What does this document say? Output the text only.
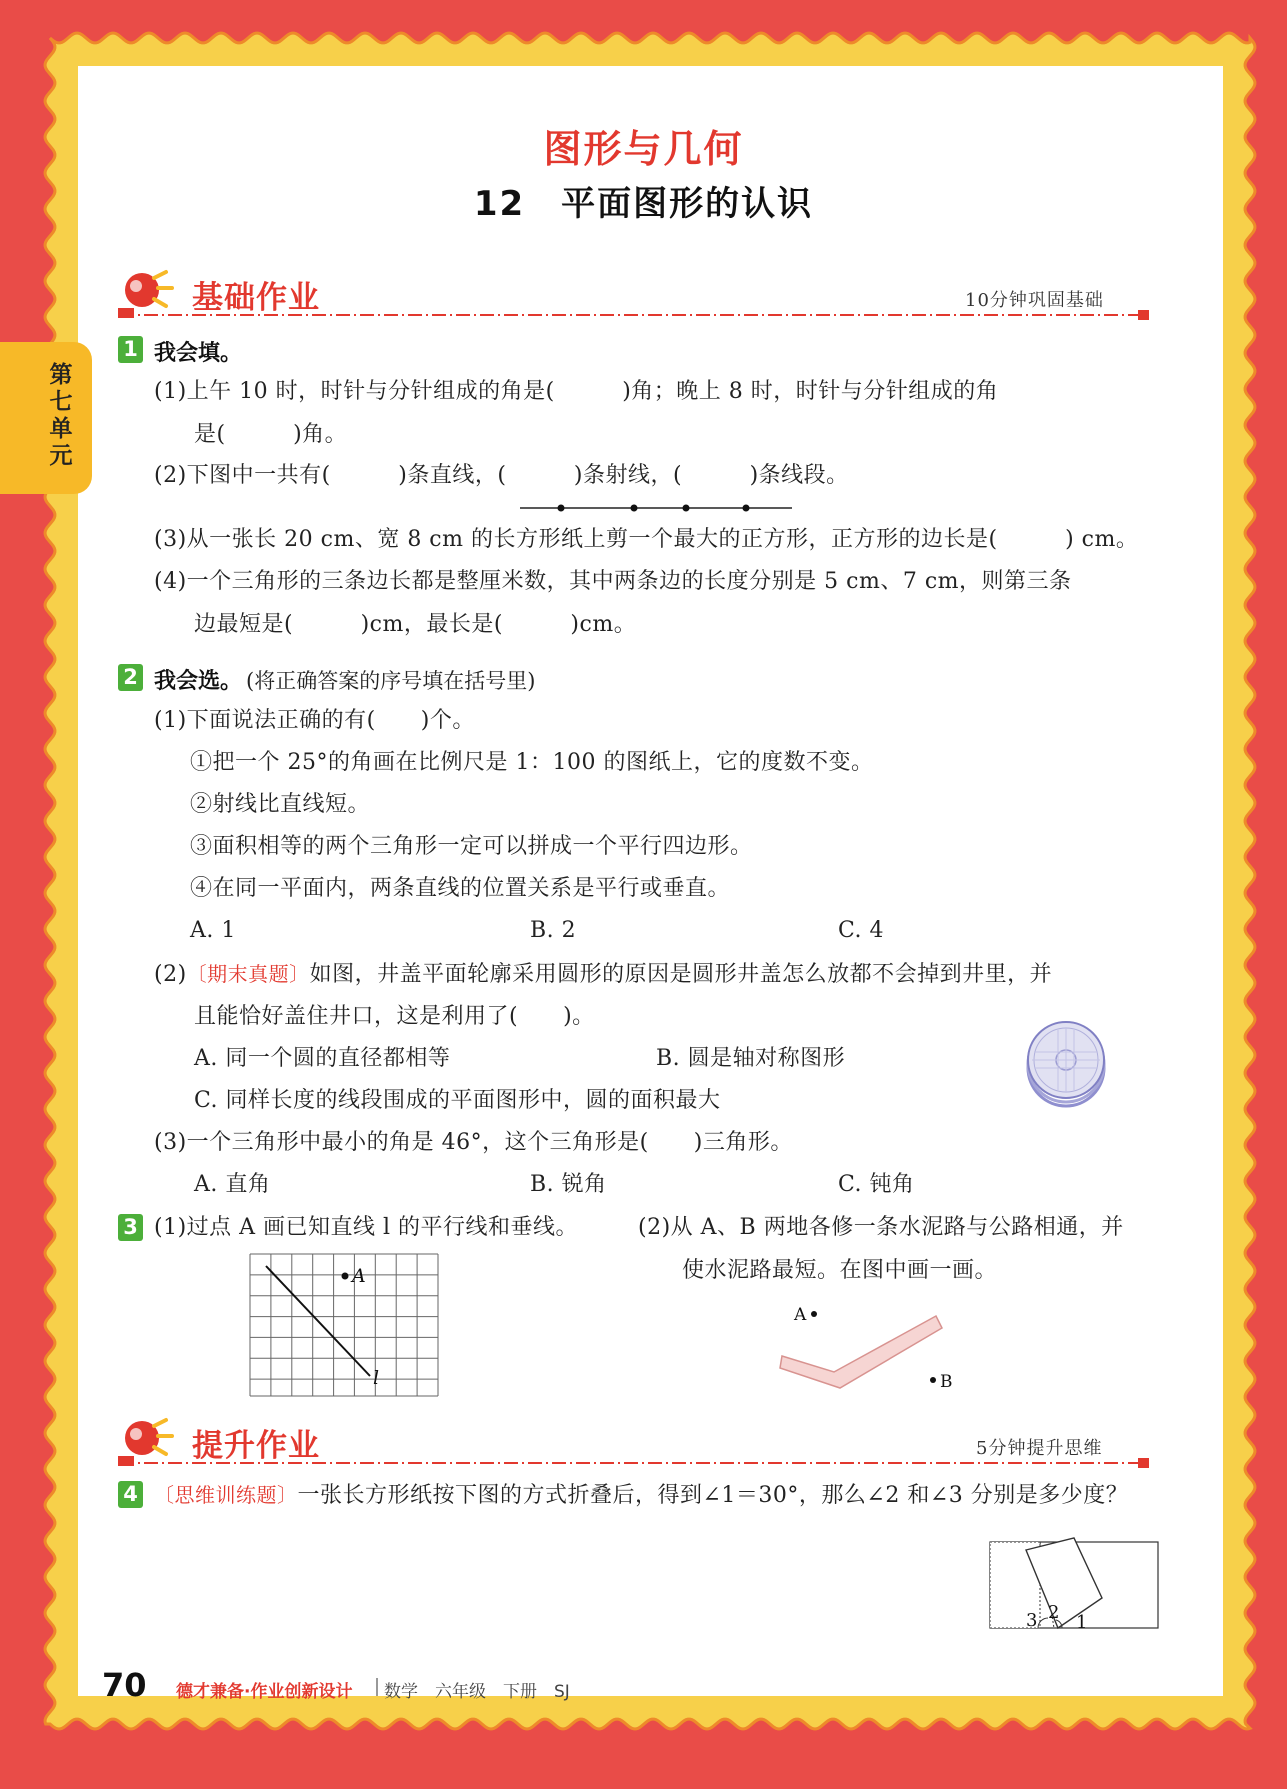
图形与几何
12　平面图形的认识
第七单元
基础作业	10分钟巩固基础
1 我会填。
(1)上午 10 时，时针与分针组成的角是(　　　)角；晚上 8 时，时针与分针组成的角
是(　　　)角。
(2)下图中一共有(　　　)条直线，(　　　)条射线，(　　　)条线段。
(3)从一张长 20 cm、宽 8 cm 的长方形纸上剪一个最大的正方形，正方形的边长是(　　　) cm。
(4)一个三角形的三条边长都是整厘米数，其中两条边的长度分别是 5 cm、7 cm，则第三条
边最短是(　　　)cm，最长是(　　　)cm。
2 我会选。 (将正确答案的序号填在括号里)
(1)下面说法正确的有(　　)个。
①把一个 25°的角画在比例尺是 1：100 的图纸上，它的度数不变。
②射线比直线短。
③面积相等的两个三角形一定可以拼成一个平行四边形。
④在同一平面内，两条直线的位置关系是平行或垂直。
A. 1	B. 2	C. 4
(2)〔期末真题〕如图，井盖平面轮廓采用圆形的原因是圆形井盖怎么放都不会掉到井里，并
且能恰好盖住井口，这是利用了(　　)。
A. 同一个圆的直径都相等	B. 圆是轴对称图形
C. 同样长度的线段围成的平面图形中，圆的面积最大
(3)一个三角形中最小的角是 46°，这个三角形是(　　)三角形。
A. 直角	B. 锐角	C. 钝角
3 (1)过点 A 画已知直线 l 的平行线和垂线。	(2)从 A、B 两地各修一条水泥路与公路相通，并
使水泥路最短。在图中画一画。
A
l
A
B
提升作业	5分钟提升思维
4 〔思维训练题〕一张长方形纸按下图的方式折叠后，得到∠1＝30°，那么∠2 和∠3 分别是多少度？
3 2 1
70 德才兼备·作业创新设计 数学　六年级　下册　SJ
